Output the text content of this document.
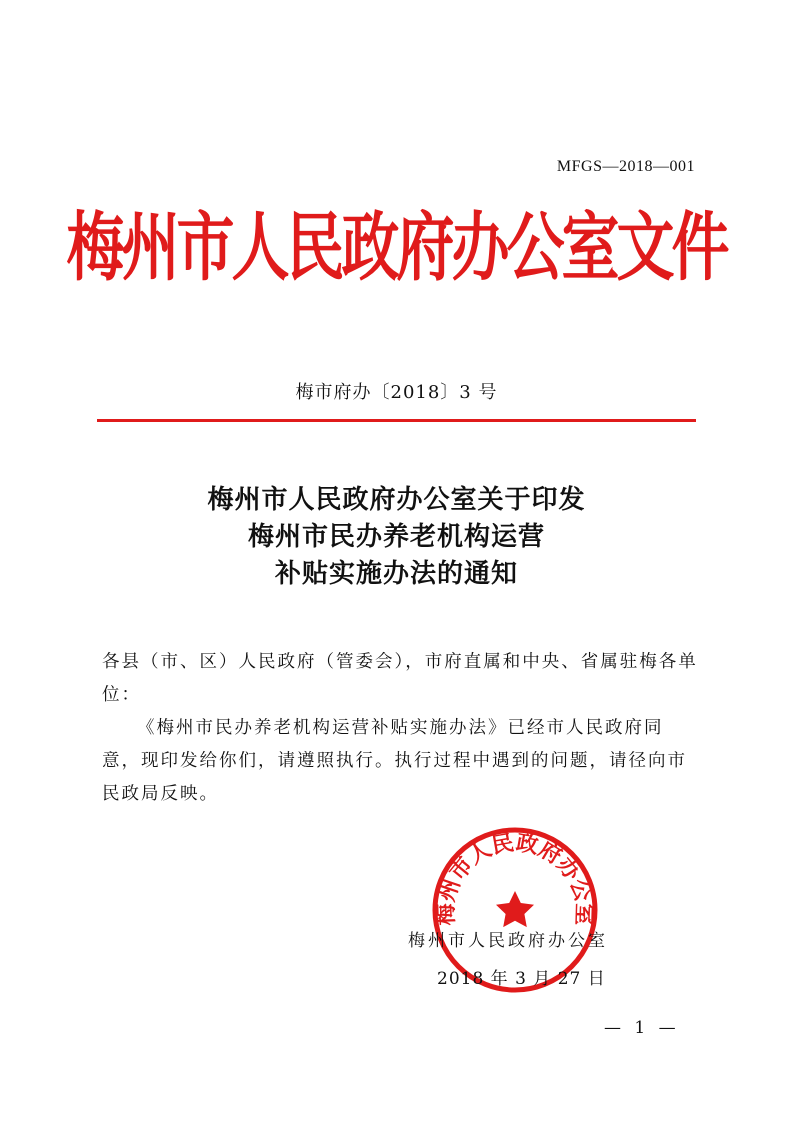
MFGS—2018—001
梅州市人民政府办公室文件
梅市府办〔2018〕3 号
梅州市人民政府办公室关于印发
梅州市民办养老机构运营
补贴实施办法的通知

各县（市、区）人民政府（管委会），市府直属和中央、省属驻梅各单位：

《梅州市民办养老机构运营补贴实施办法》已经市人民政府同意，现印发给你们，请遵照执行。执行过程中遇到的问题，请径向市民政局反映。

梅州市人民政府办公室
梅州市人民政府办公室
2018 年 3 月 27 日
— 1 —
